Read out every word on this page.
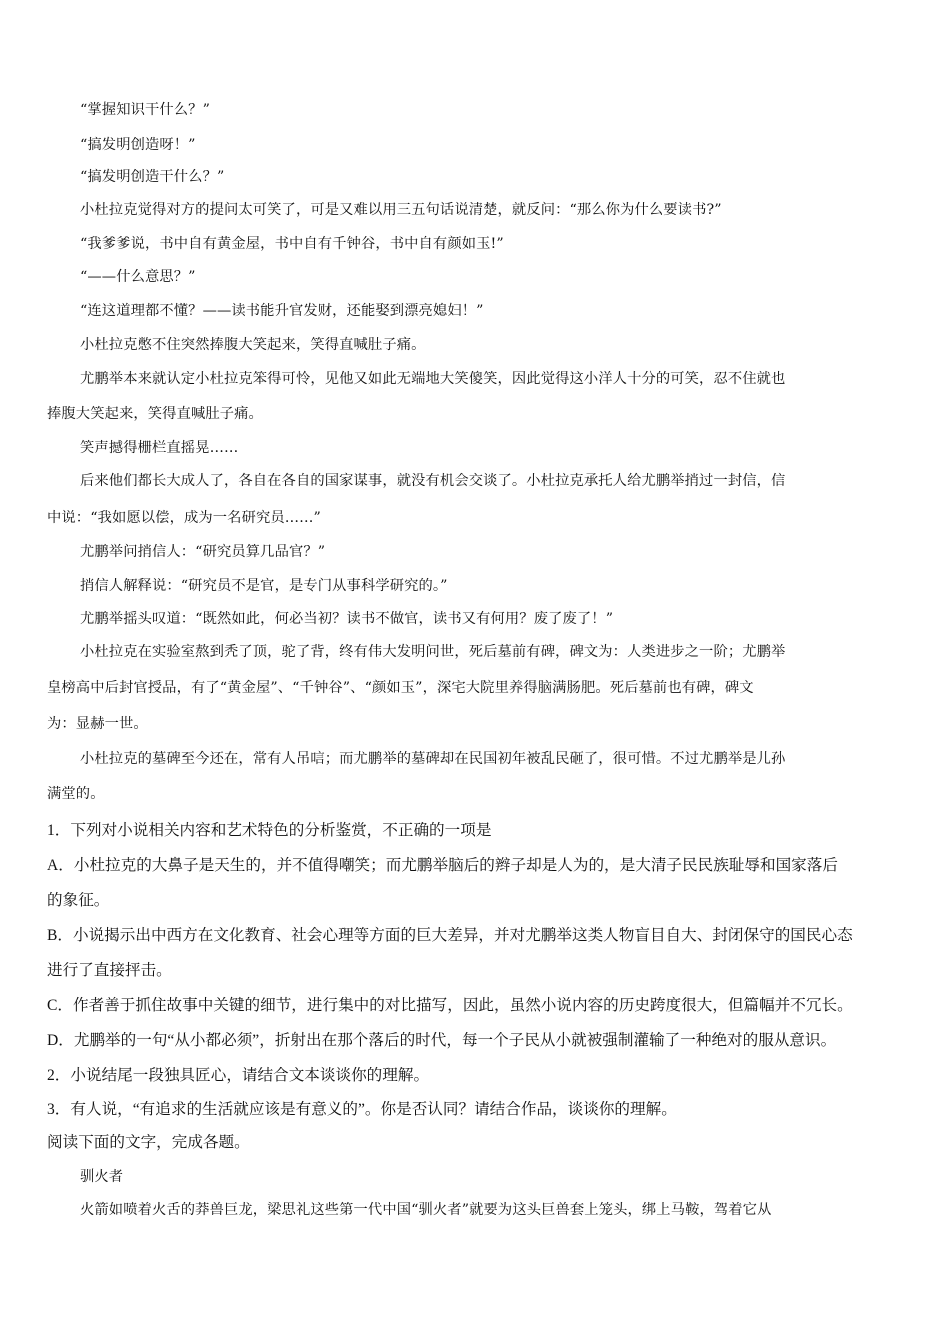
“掌握知识干什么？”
“搞发明创造呀！”
“搞发明创造干什么？”
小杜拉克觉得对方的提问太可笑了，可是又难以用三五句话说清楚，就反问：“那么你为什么要读书?”
“我爹爹说，书中自有黄金屋，书中自有千钟谷，书中自有颜如玉!”
“——什么意思？”
“连这道理都不懂？——读书能升官发财，还能娶到漂亮媳妇！”
小杜拉克憋不住突然捧腹大笑起来，笑得直喊肚子痛。
尤鹏举本来就认定小杜拉克笨得可怜，见他又如此无端地大笑傻笑，因此觉得这小洋人十分的可笑，忍不住就也
捧腹大笑起来，笑得直喊肚子痛。
笑声撼得栅栏直摇晃……
后来他们都长大成人了，各自在各自的国家谋事，就没有机会交谈了。小杜拉克承托人给尤鹏举捎过一封信，信
中说：“我如愿以偿，成为一名研究员……”
尤鹏举问捎信人：“研究员算几品官？”
捎信人解释说：“研究员不是官，是专门从事科学研究的。”
尤鹏举摇头叹道：“既然如此，何必当初？读书不做官，读书又有何用？废了废了！”
小杜拉克在实验室熬到秃了顶，驼了背，终有伟大发明问世，死后墓前有碑，碑文为：人类进步之一阶；尤鹏举
皇榜高中后封官授品，有了“黄金屋”、“千钟谷”、“颜如玉”，深宅大院里养得脑满肠肥。死后墓前也有碑，碑文
为：显赫一世。
小杜拉克的墓碑至今还在，常有人吊唁；而尤鹏举的墓碑却在民国初年被乱民砸了，很可惜。不过尤鹏举是儿孙
满堂的。
1．下列对小说相关内容和艺术特色的分析鉴赏，不正确的一项是
A．小杜拉克的大鼻子是天生的，并不值得嘲笑；而尤鹏举脑后的辫子却是人为的，是大清子民民族耻辱和国家落后
的象征。
B．小说揭示出中西方在文化教育、社会心理等方面的巨大差异，并对尤鹏举这类人物盲目自大、封闭保守的国民心态
进行了直接抨击。
C．作者善于抓住故事中关键的细节，进行集中的对比描写，因此，虽然小说内容的历史跨度很大，但篇幅并不冗长。
D．尤鹏举的一句“从小都必须”，折射出在那个落后的时代，每一个子民从小就被强制灌输了一种绝对的服从意识。
2．小说结尾一段独具匠心，请结合文本谈谈你的理解。
3．有人说，“有追求的生活就应该是有意义的”。你是否认同？请结合作品，谈谈你的理解。
阅读下面的文字，完成各题。
驯火者
火箭如喷着火舌的莽兽巨龙，梁思礼这些第一代中国“驯火者”就要为这头巨兽套上笼头，绑上马鞍，驾着它从
